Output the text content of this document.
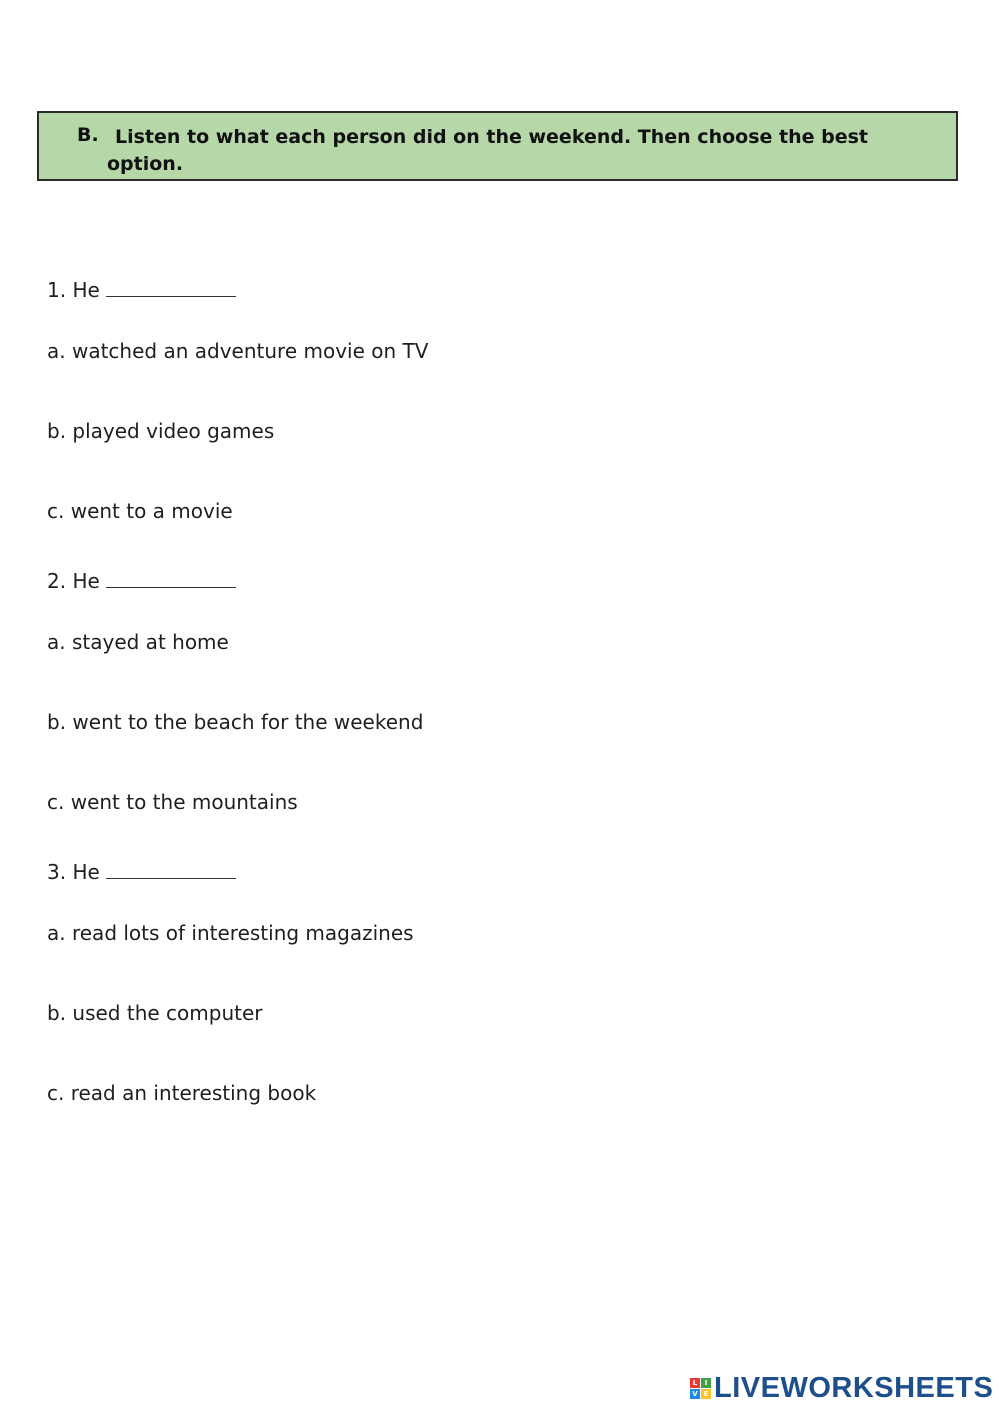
B. Listen to what each person did on the weekend. Then choose the best option.
1. He
a. watched an adventure movie on TV
b. played video games
c. went to a movie
2. He
a. stayed at home
b. went to the beach for the weekend
c. went to the mountains
3. He
a. read lots of interesting magazines
b. used the computer
c. read an interesting book
L	I
V E LIVEWORKSHEETS
